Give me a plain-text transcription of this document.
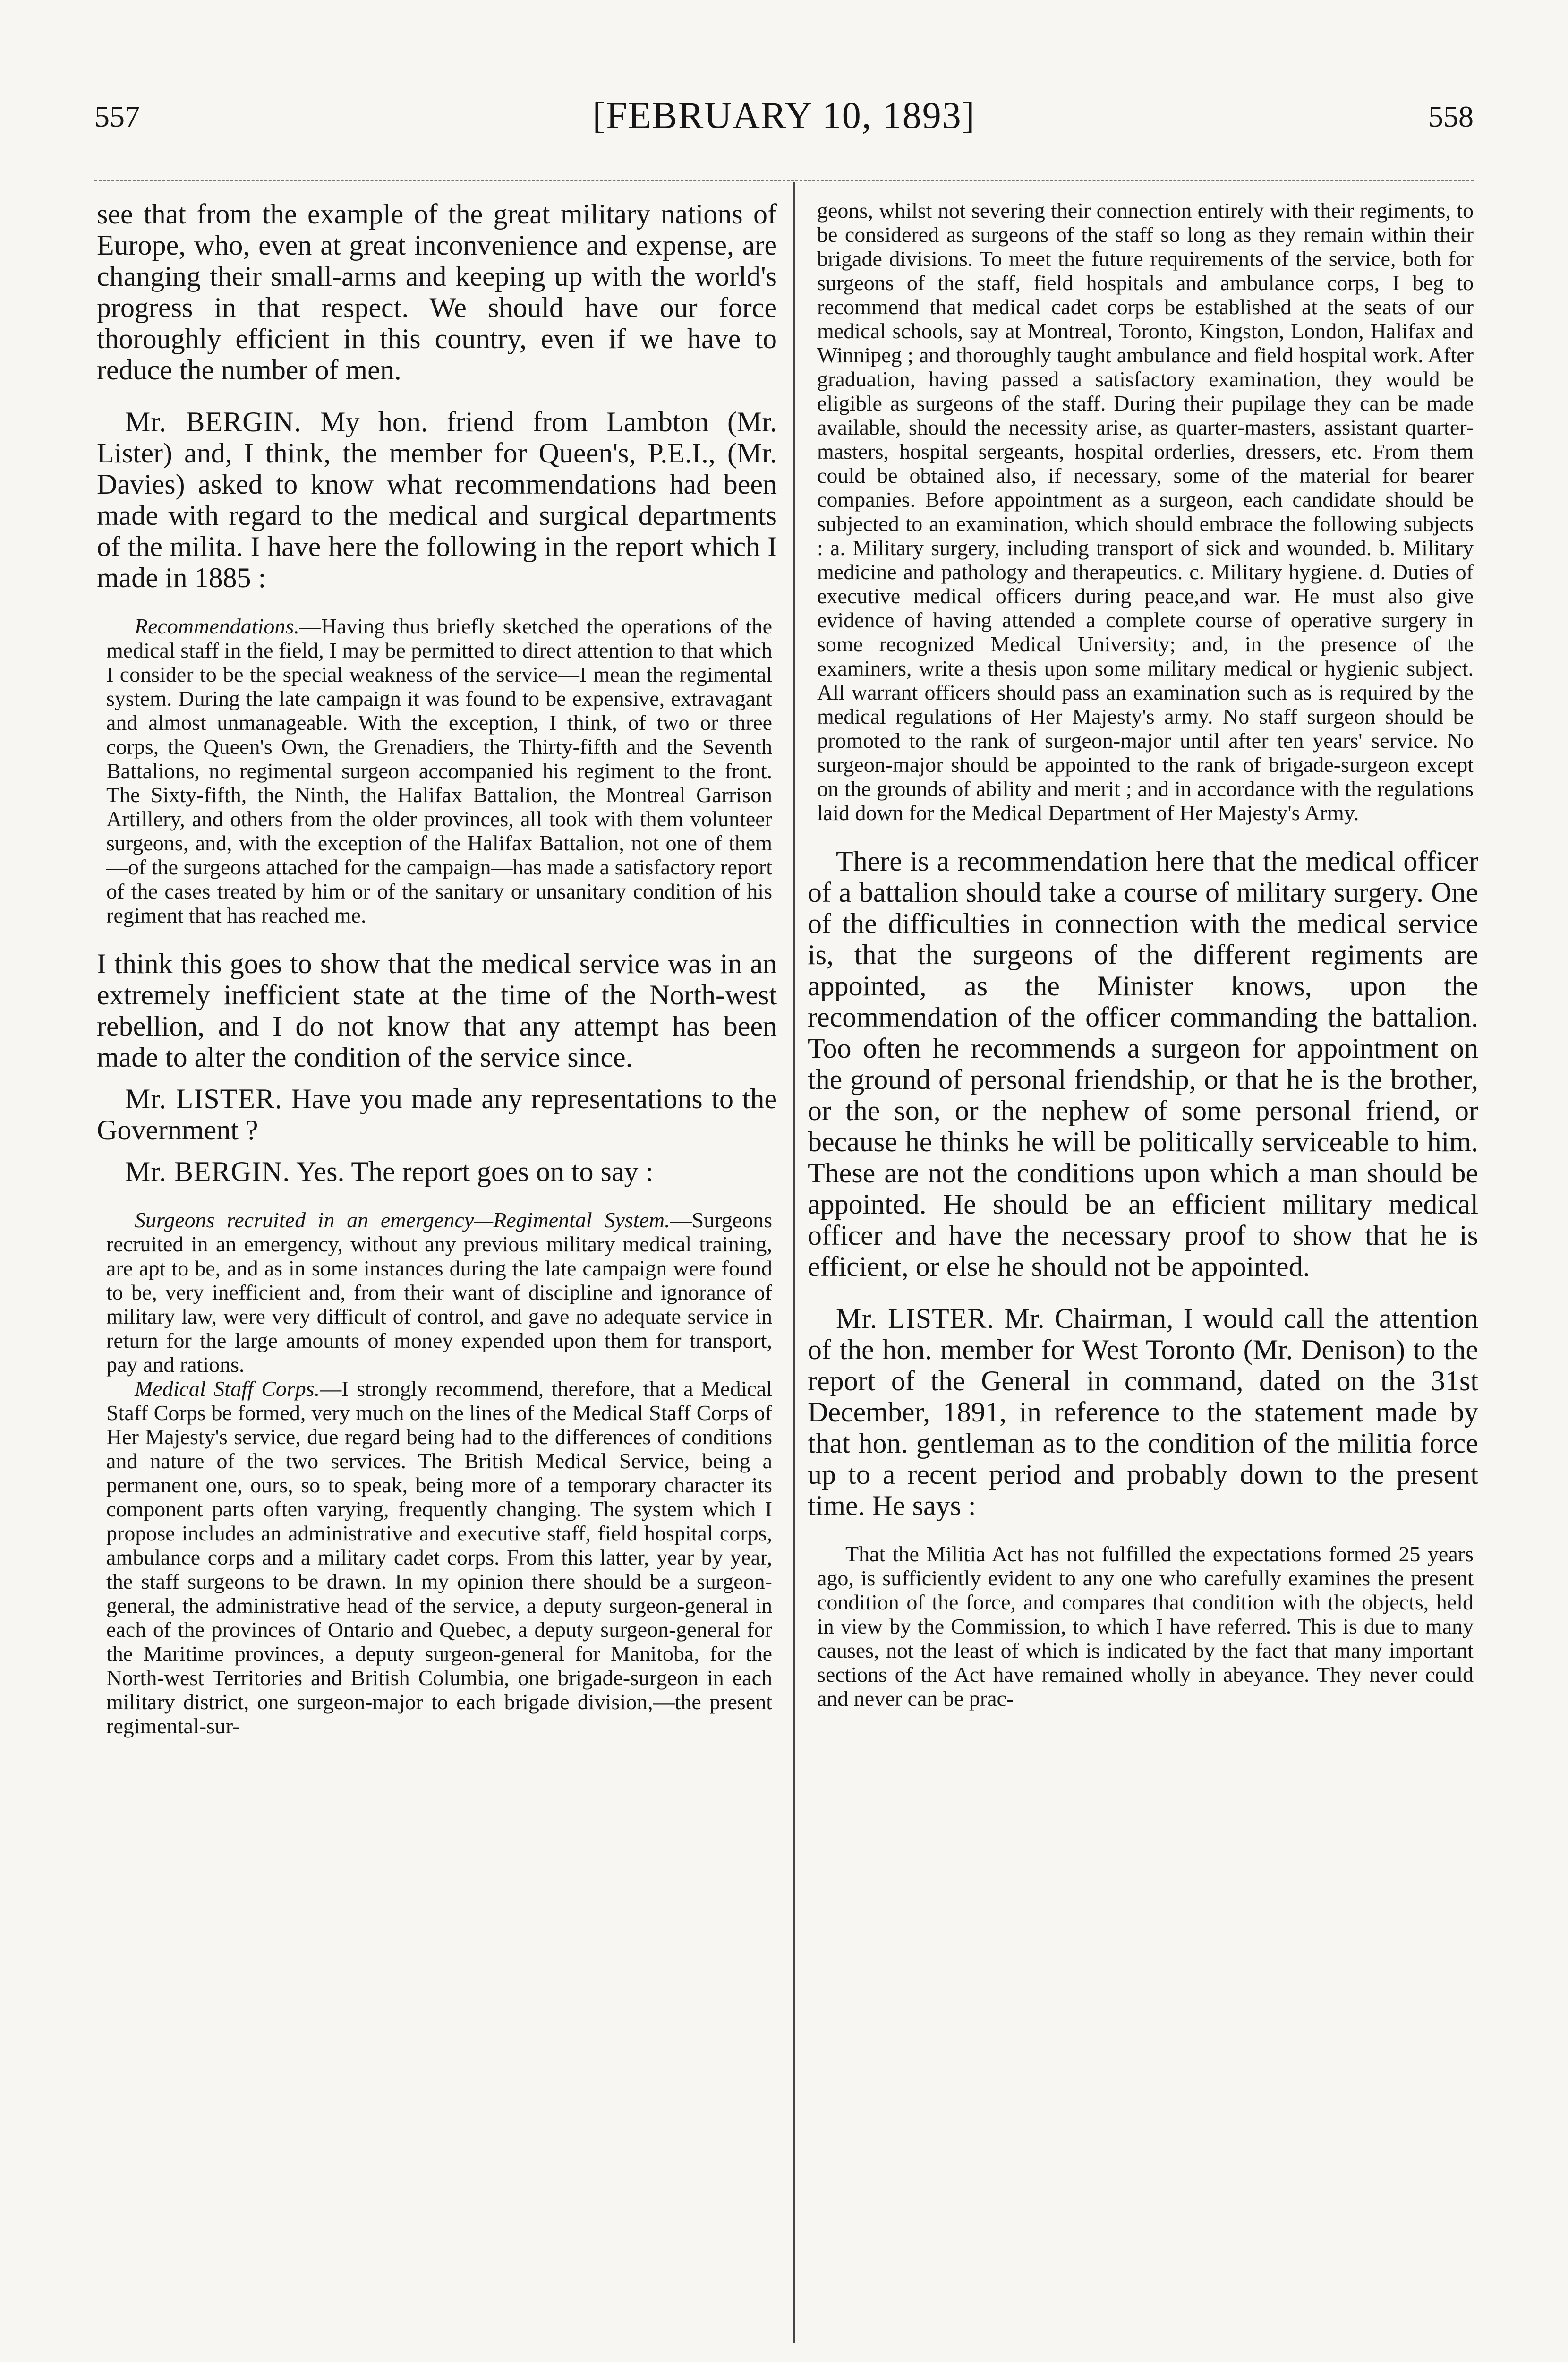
557	[FEBRUARY 10, 1893]	558

see that from the example of the great military nations of Europe, who, even at great inconvenience and expense, are changing their small-arms and keeping up with the world's progress in that respect. We should have our force thoroughly efficient in this country, even if we have to reduce the number of men.

Mr. BERGIN. My hon. friend from Lambton (Mr. Lister) and, I think, the member for Queen's, P.E.I., (Mr. Davies) asked to know what recommendations had been made with regard to the medical and surgical departments of the milita. I have here the following in the report which I made in 1885 :

Recommendations.—Having thus briefly sketched the operations of the medical staff in the field, I may be permitted to direct attention to that which I consider to be the special weakness of the service—I mean the regimental system. During the late campaign it was found to be expensive, extravagant and almost unmanageable. With the exception, I think, of two or three corps, the Queen's Own, the Grenadiers, the Thirty-fifth and the Seventh Battalions, no regimental surgeon accompanied his regiment to the front. The Sixty-fifth, the Ninth, the Halifax Battalion, the Montreal Garrison Artillery, and others from the older provinces, all took with them volunteer surgeons, and, with the exception of the Halifax Battalion, not one of them—of the surgeons attached for the campaign—has made a satisfactory report of the cases treated by him or of the sanitary or unsanitary condition of his regiment that has reached me.

I think this goes to show that the medical service was in an extremely inefficient state at the time of the North-west rebellion, and I do not know that any attempt has been made to alter the condition of the service since.

Mr. LISTER. Have you made any representations to the Government ?

Mr. BERGIN. Yes. The report goes on to say :

Surgeons recruited in an emergency—Regimental System.—Surgeons recruited in an emergency, without any previous military medical training, are apt to be, and as in some instances during the late campaign were found to be, very inefficient and, from their want of discipline and ignorance of military law, were very difficult of control, and gave no adequate service in return for the large amounts of money expended upon them for transport, pay and rations.

Medical Staff Corps.—I strongly recommend, therefore, that a Medical Staff Corps be formed, very much on the lines of the Medical Staff Corps of Her Majesty's service, due regard being had to the differences of conditions and nature of the two services. The British Medical Service, being a permanent one, ours, so to speak, being more of a temporary character its component parts often varying, frequently changing. The system which I propose includes an administrative and executive staff, field hospital corps, ambulance corps and a military cadet corps. From this latter, year by year, the staff surgeons to be drawn. In my opinion there should be a surgeon-general, the administrative head of the service, a deputy surgeon-general in each of the provinces of Ontario and Quebec, a deputy surgeon-general for the Maritime provinces, a deputy surgeon-general for Manitoba, for the North-west Territories and British Columbia, one brigade-surgeon in each military district, one surgeon-major to each brigade division,—the present regimental-sur-

geons, whilst not severing their connection entirely with their regiments, to be considered as surgeons of the staff so long as they remain within their brigade divisions. To meet the future requirements of the service, both for surgeons of the staff, field hospitals and ambulance corps, I beg to recommend that medical cadet corps be established at the seats of our medical schools, say at Montreal, Toronto, Kingston, London, Halifax and Winnipeg ; and thoroughly taught ambulance and field hospital work. After graduation, having passed a satisfactory examination, they would be eligible as surgeons of the staff. During their pupilage they can be made available, should the necessity arise, as quarter-masters, assistant quarter-masters, hospital sergeants, hospital orderlies, dressers, etc. From them could be obtained also, if necessary, some of the material for bearer companies. Before appointment as a surgeon, each candidate should be subjected to an examination, which should embrace the following subjects : a. Military surgery, including transport of sick and wounded. b. Military medicine and pathology and therapeutics. c. Military hygiene. d. Duties of executive medical officers during peace,and war. He must also give evidence of having attended a complete course of operative surgery in some recognized Medical University; and, in the presence of the examiners, write a thesis upon some military medical or hygienic subject. All warrant officers should pass an examination such as is required by the medical regulations of Her Majesty's army. No staff surgeon should be promoted to the rank of surgeon-major until after ten years' service. No surgeon-major should be appointed to the rank of brigade-surgeon except on the grounds of ability and merit ; and in accordance with the regulations laid down for the Medical Department of Her Majesty's Army.

There is a recommendation here that the medical officer of a battalion should take a course of military surgery. One of the difficulties in connection with the medical service is, that the surgeons of the different regiments are appointed, as the Minister knows, upon the recommendation of the officer commanding the battalion. Too often he recommends a surgeon for appointment on the ground of personal friendship, or that he is the brother, or the son, or the nephew of some personal friend, or because he thinks he will be politically serviceable to him. These are not the conditions upon which a man should be appointed. He should be an efficient military medical officer and have the necessary proof to show that he is efficient, or else he should not be appointed.

Mr. LISTER. Mr. Chairman, I would call the attention of the hon. member for West Toronto (Mr. Denison) to the report of the General in command, dated on the 31st December, 1891, in reference to the statement made by that hon. gentleman as to the condition of the militia force up to a recent period and probably down to the present time. He says :

That the Militia Act has not fulfilled the expectations formed 25 years ago, is sufficiently evident to any one who carefully examines the present condition of the force, and compares that condition with the objects, held in view by the Commission, to which I have referred. This is due to many causes, not the least of which is indicated by the fact that many important sections of the Act have remained wholly in abeyance. They never could and never can be prac-
